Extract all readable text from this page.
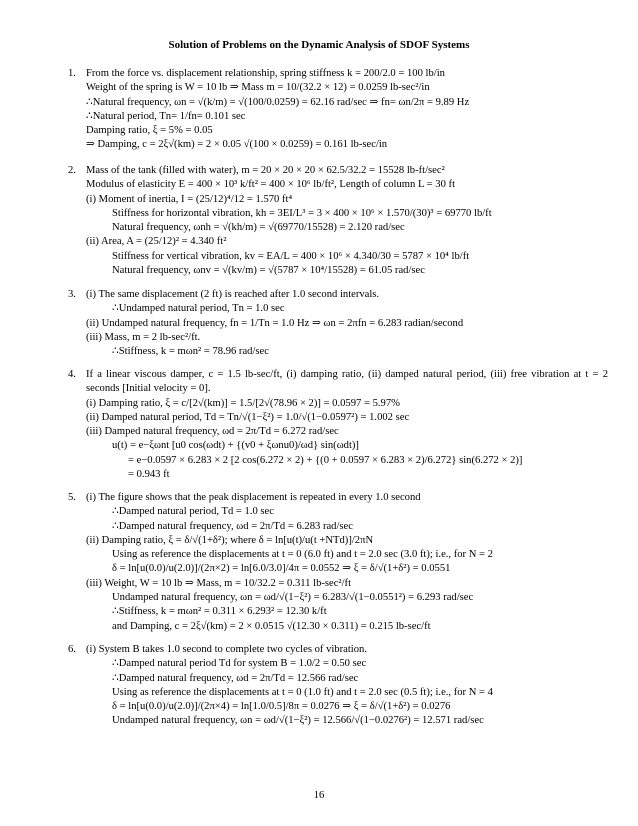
Solution of Problems on the Dynamic Analysis of SDOF Systems
1. From the force vs. displacement relationship, spring stiffness k = 200/2.0 = 100 lb/in
Weight of the spring is W = 10 lb ⇒ Mass m = 10/(32.2 × 12) = 0.0259 lb-sec²/in
∴Natural frequency, ωn = √(k/m) = √(100/0.0259) = 62.16 rad/sec ⇒ fn= ωn/2π = 9.89 Hz
∴Natural period, Tn= 1/fn= 0.101 sec
Damping ratio, ξ = 5% = 0.05
⇒ Damping, c = 2ξ√(km) = 2 × 0.05 √(100 × 0.0259) = 0.161 lb-sec/in
2. Mass of the tank (filled with water), m = 20 × 20 × 20 × 62.5/32.2 = 15528 lb-ft/sec²
Modulus of elasticity E = 400 × 10³ k/ft² = 400 × 10⁶ lb/ft², Length of column L = 30 ft
(i) Moment of inertia, I = (25/12)⁴/12 = 1.570 ft⁴
Stiffness for horizontal vibration, kh = 3EI/L³ = 3 × 400 × 10⁶ × 1.570/(30)³ = 69770 lb/ft
Natural frequency, ωnh = √(kh/m) = √(69770/15528) = 2.120 rad/sec
(ii) Area, A = (25/12)² = 4.340 ft²
Stiffness for vertical vibration, kv = EA/L = 400 × 10⁶ × 4.340/30 = 5787 × 10⁴ lb/ft
Natural frequency, ωnv = √(kv/m) = √(5787 × 10⁴/15528) = 61.05 rad/sec
3. (i) The same displacement (2 ft) is reached after 1.0 second intervals.
∴Undamped natural period, Tn = 1.0 sec
(ii) Undamped natural frequency, fn = 1/Tn = 1.0 Hz ⇒ ωn = 2πfn = 6.283 radian/second
(iii) Mass, m = 2 lb-sec²/ft.
∴Stiffness, k = mωn² = 78.96 rad/sec
4. If a linear viscous damper, c = 1.5 lb-sec/ft, (i) damping ratio, (ii) damped natural period, (iii) free vibration at t = 2 seconds [Initial velocity = 0].
(i) Damping ratio, ξ = c/[2√(km)] = 1.5/[2√(78.96 × 2)] = 0.0597 = 5.97%
(ii) Damped natural period, Td = Tn/√(1−ξ²) = 1.0/√(1−0.0597²) = 1.002 sec
(iii) Damped natural frequency, ωd = 2π/Td = 6.272 rad/sec
u(t) = e−ξωnt [u0 cos(ωdt) + {(v0 + ξωnu0)/ωd} sin(ωdt)]
= e−0.0597 × 6.283 × 2 [2 cos(6.272 × 2) + {(0 + 0.0597 × 6.283 × 2)/6.272} sin(6.272 × 2)]
= 0.943 ft
5. (i) The figure shows that the peak displacement is repeated in every 1.0 second
∴Damped natural period, Td = 1.0 sec
∴Damped natural frequency, ωd = 2π/Td = 6.283 rad/sec
(ii) Damping ratio, ξ = δ/√(1+δ²); where δ = ln[u(t)/u(t +NTd)]/2πN
Using as reference the displacements at t = 0 (6.0 ft) and t = 2.0 sec (3.0 ft); i.e., for N = 2
δ = ln[u(0.0)/u(2.0)]/(2π×2) = ln[6.0/3.0]/4π = 0.0552 ⇒ ξ = δ/√(1+δ²) = 0.0551
(iii) Weight, W = 10 lb ⇒ Mass, m = 10/32.2 = 0.311 lb-sec²/ft
Undamped natural frequency, ωn = ωd/√(1−ξ²) = 6.283/√(1−0.0551²) = 6.293 rad/sec
∴Stiffness, k = mωn² = 0.311 × 6.293² = 12.30 k/ft
and Damping, c = 2ξ√(km) = 2 × 0.0515 √(12.30 × 0.311) = 0.215 lb-sec/ft
6. (i) System B takes 1.0 second to complete two cycles of vibration.
∴Damped natural period Td for system B = 1.0/2 = 0.50 sec
∴Damped natural frequency, ωd = 2π/Td = 12.566 rad/sec
Using as reference the displacements at t = 0 (1.0 ft) and t = 2.0 sec (0.5 ft); i.e., for N = 4
δ = ln[u(0.0)/u(2.0)]/(2π×4) = ln[1.0/0.5]/8π = 0.0276 ⇒ ξ = δ/√(1+δ²) = 0.0276
Undamped natural frequency, ωn = ωd/√(1−ξ²) = 12.566/√(1−0.0276²) = 12.571 rad/sec
16
